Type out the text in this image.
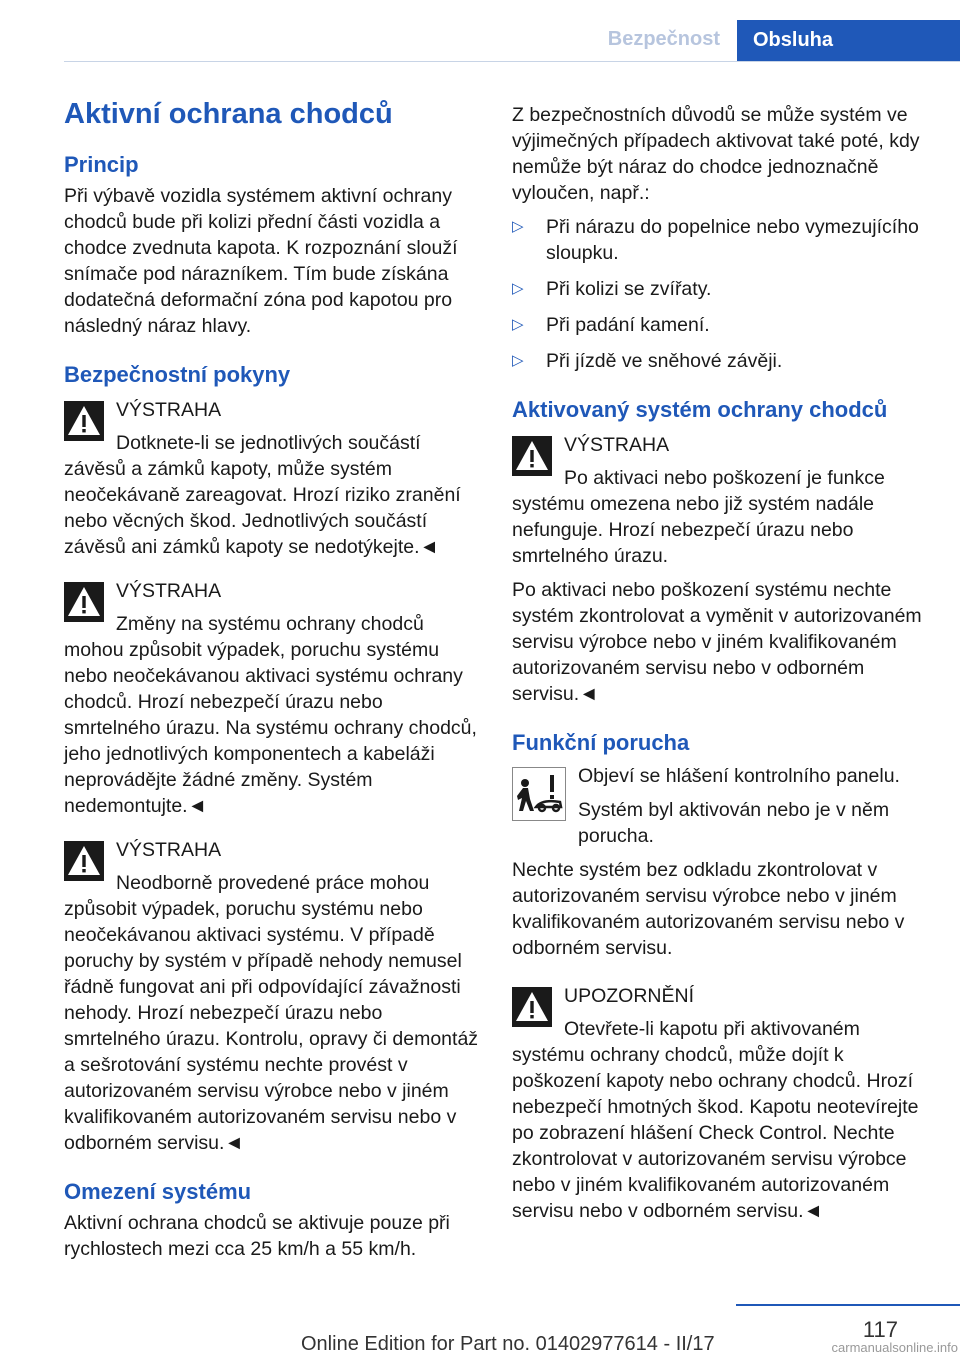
Bezpečnost	Obsluha
Aktivní ochrana chodců
Princip

Při výbavě vozidla systémem aktivní ochrany chodců bude při kolizi přední části vozidla a chodce zvednuta kapota. K rozpoznání slouží snímače pod nárazníkem. Tím bude získána dodatečná deformační zóna pod kapotou pro následný náraz hlavy.

Bezpečnostní pokyny
VÝSTRAHA
Dotknete-li se jednotlivých součástí závěsů a zámků kapoty, může systém neočekávaně zareagovat. Hrozí riziko zranění nebo věcných škod. Jednotlivých součástí závěsů ani zámků kapoty se nedotýkejte.◄
VÝSTRAHA
Změny na systému ochrany chodců mohou způsobit výpadek, poruchu systému nebo neočekávanou aktivaci systému ochrany chodců. Hrozí nebezpečí úrazu nebo smrtelného úrazu. Na systému ochrany chodců, jeho jednotlivých komponentech a kabeláži neprovádějte žádné změny. Systém nedemontujte.◄
VÝSTRAHA
Neodborně provedené práce mohou způsobit výpadek, poruchu systému nebo neočekávanou aktivaci systému. V případě poruchy by systém v případě nehody nemusel řádně fungovat ani při odpovídající závažnosti nehody. Hrozí nebezpečí úrazu nebo smrtelného úrazu. Kontrolu, opravy či demontáž a sešrotování systému nechte provést v autorizovaném servisu výrobce nebo v jiném kvalifikovaném autorizovaném servisu nebo v odborném servisu.◄
Omezení systému

Aktivní ochrana chodců se aktivuje pouze při rychlostech mezi cca 25 km/h a 55 km/h.

Z bezpečnostních důvodů se může systém ve výjimečných případech aktivovat také poté, kdy nemůže být náraz do chodce jednoznačně vyloučen, např.:

▷ Při nárazu do popelnice nebo vymezujícího sloupku.
▷ Při kolizi se zvířaty.
▷ Při padání kamení.
▷ Při jízdě ve sněhové závěji.
Aktivovaný systém ochrany chodců
VÝSTRAHA
Po aktivaci nebo poškození je funkce systému omezena nebo již systém nadále nefunguje. Hrozí nebezpečí úrazu nebo smrtelného úrazu.

Po aktivaci nebo poškození systému nechte systém zkontrolovat a vyměnit v autorizovaném servisu výrobce nebo v jiném kvalifikovaném autorizovaném servisu nebo v odborném servisu.◄

Funkční porucha

Objeví se hlášení kontrolního panelu.

Systém byl aktivován nebo je v něm porucha.

Nechte systém bez odkladu zkontrolovat v autorizovaném servisu výrobce nebo v jiném kvalifikovaném autorizovaném servisu nebo v odborném servisu.

UPOZORNĚNÍ
Otevřete-li kapotu při aktivovaném systému ochrany chodců, může dojít k poškození kapoty nebo ochrany chodců. Hrozí nebezpečí hmotných škod. Kapotu neotevírejte po zobrazení hlášení Check Control. Nechte zkontrolovat v autorizovaném servisu výrobce nebo v jiném kvalifikovaném autorizovaném servisu nebo v odborném servisu.◄
117
Online Edition for Part no. 01402977614 - II/17	carmanualsonline.info
